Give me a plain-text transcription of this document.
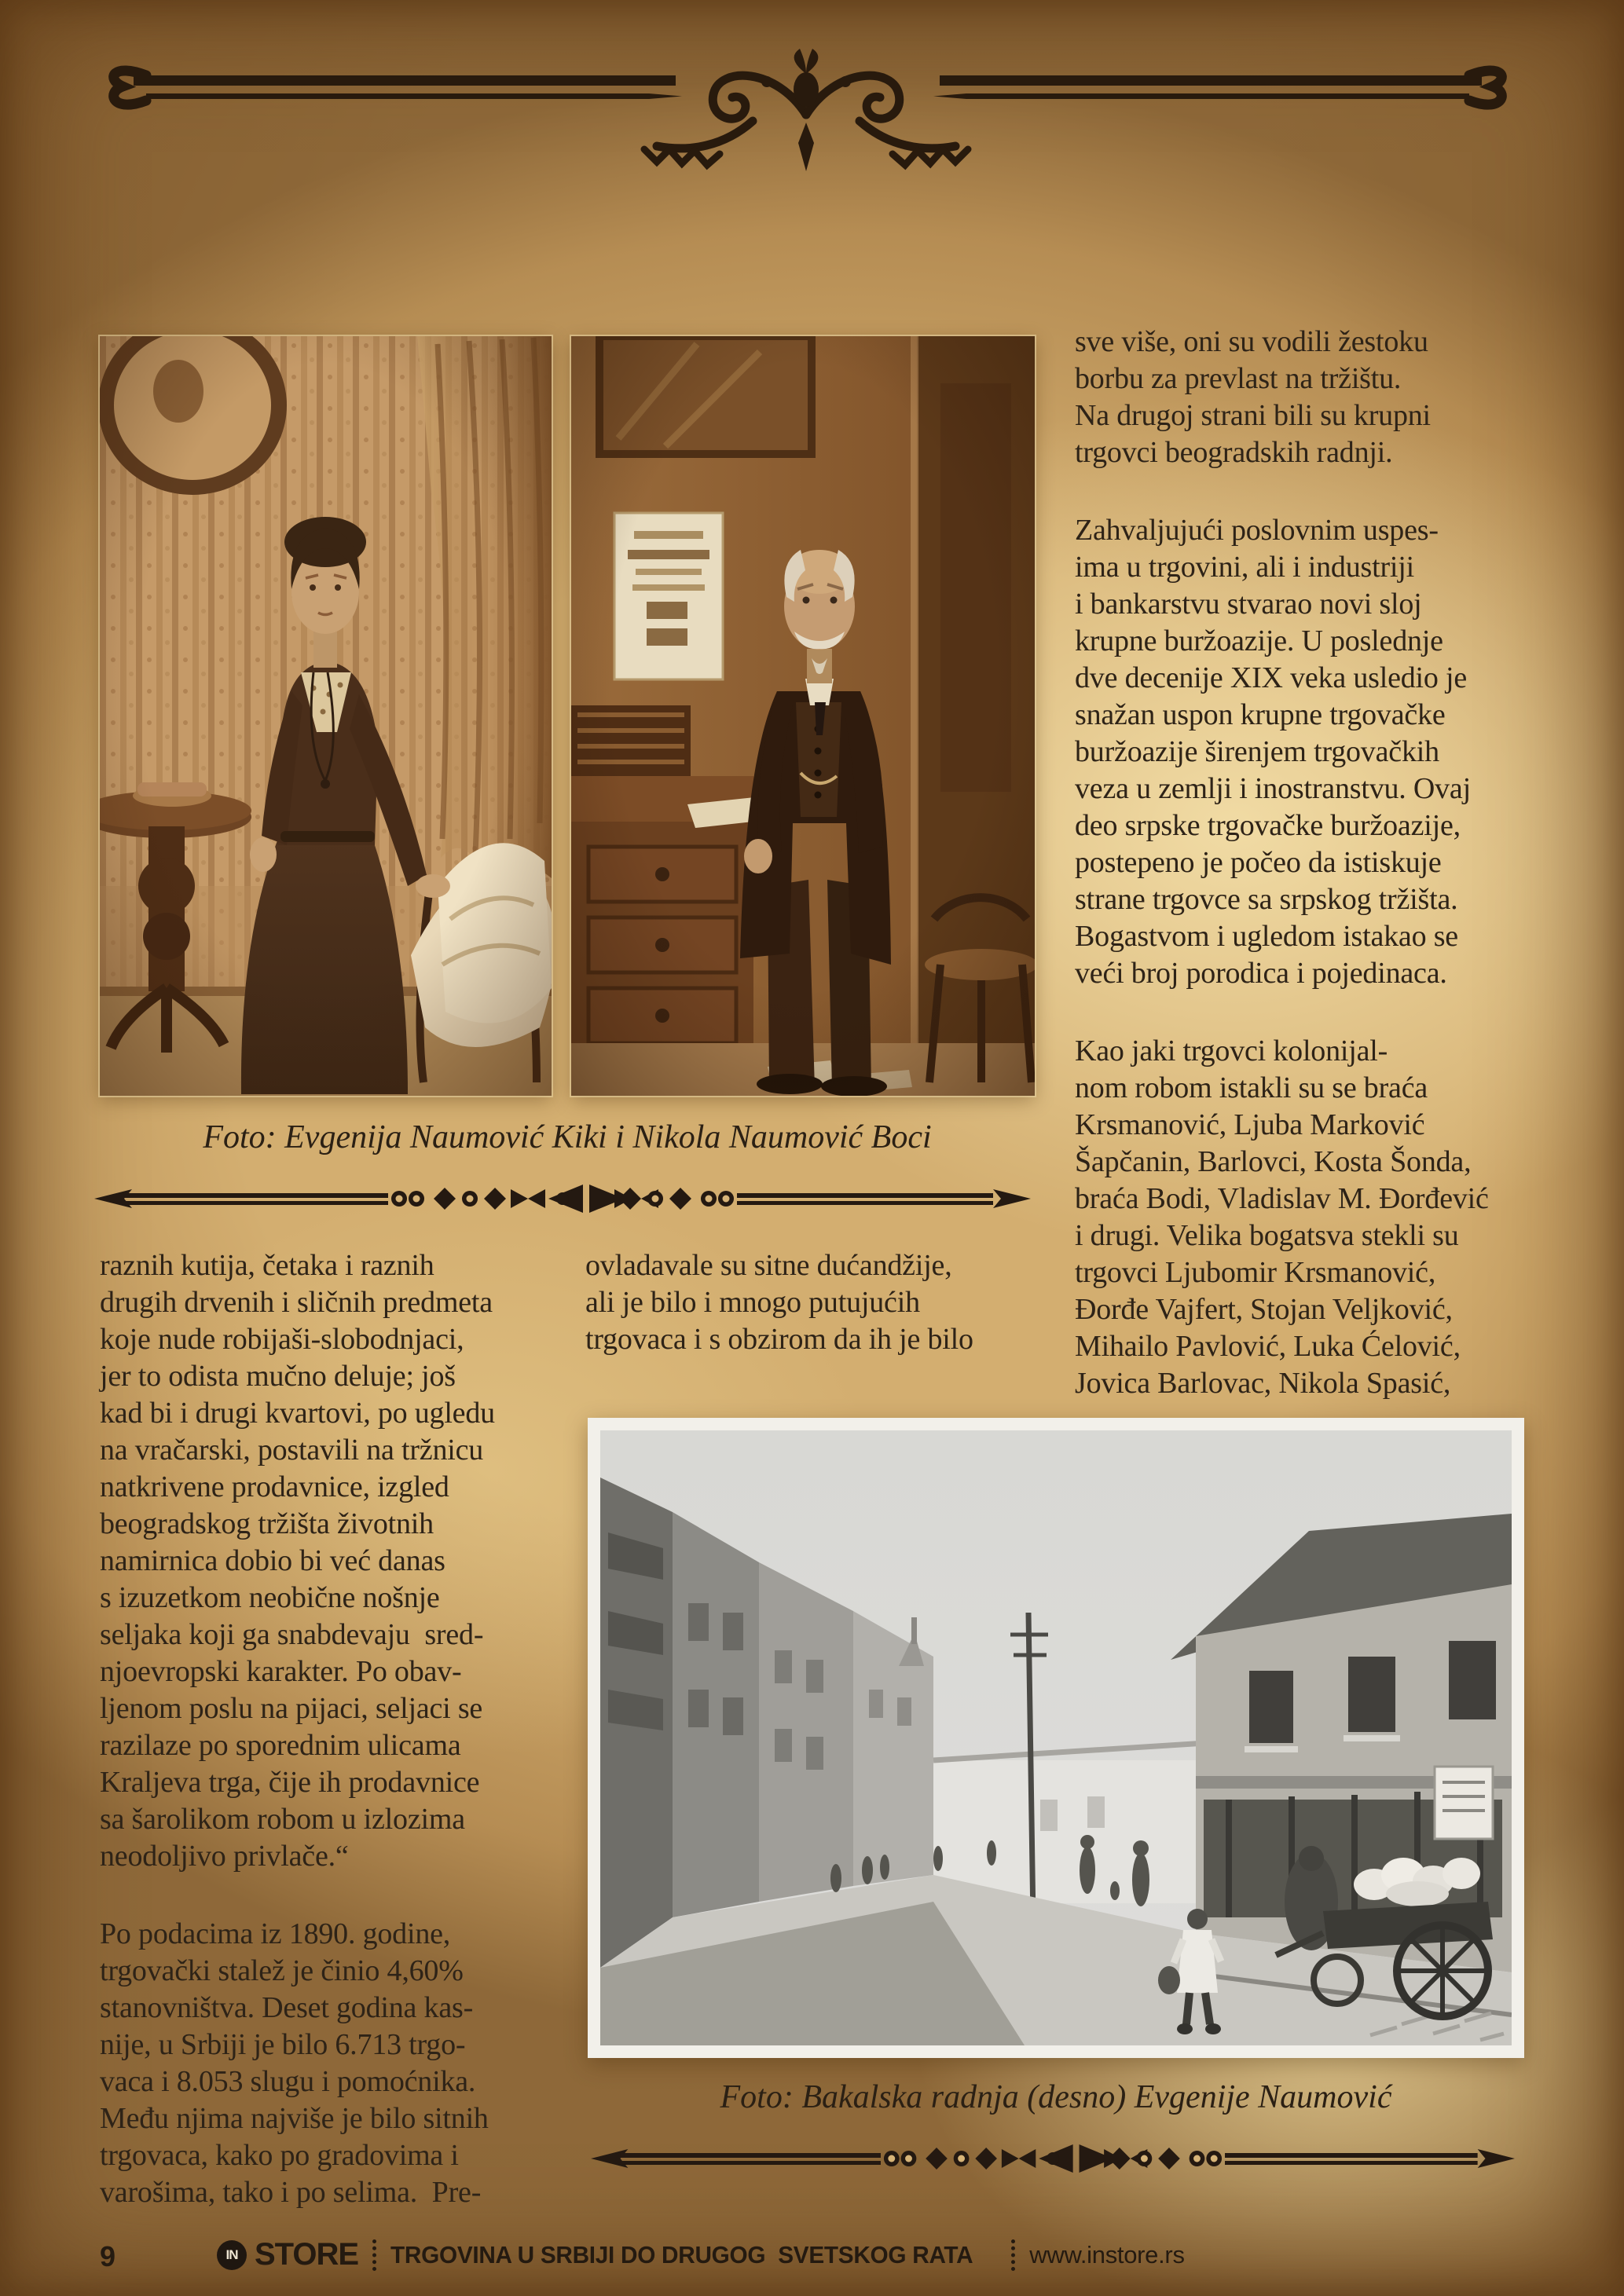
Foto: Evgenija Naumović Kiki i Nikola Naumović Boci
raznih kutija, četaka i raznih
drugih drvenih i sličnih predmeta
koje nude robijaši-slobodnjaci,
jer to odista mučno deluje; još
kad bi i drugi kvartovi, po ugledu
na vračarski, postavili na tržnicu
natkrivene prodavnice, izgled
beogradskog tržišta životnih
namirnica dobio bi već danas
s izuzetkom neobične nošnje
seljaka koji ga snabdevaju  sred-
njoevropski karakter. Po obav-
ljenom poslu na pijaci, seljaci se
razilaze po sporednim ulicama
Kraljeva trga, čije ih prodavnice
sa šarolikom robom u izlozima
neodoljivo privlače.“
Po podacima iz 1890. godine,
trgovački stalež je činio 4,60%
stanovništva. Deset godina kas-
nije, u Srbiji je bilo 6.713 trgo-
vaca i 8.053 slugu i pomoćnika.
Među njima najviše je bilo sitnih
trgovaca, kako po gradovima i
varošima, tako i po selima.  Pre-
ovladavale su sitne dućandžije,
ali je bilo i mnogo putujućih
trgovaca i s obzirom da ih je bilo
sve više, oni su vodili žestoku
borbu za prevlast na tržištu.
Na drugoj strani bili su krupni
trgovci beogradskih radnji.
Zahvaljujući poslovnim uspes-
ima u trgovini, ali i industriji
i bankarstvu stvarao novi sloj
krupne buržoazije. U poslednje
dve decenije XIX veka usledio je
snažan uspon krupne trgovačke
buržoazije širenjem trgovačkih
veza u zemlji i inostranstvu. Ovaj
deo srpske trgovačke buržoazije,
postepeno je počeo da istiskuje
strane trgovce sa srpskog tržišta.
Bogastvom i ugledom istakao se
veći broj porodica i pojedinaca.
Kao jaki trgovci kolonijal-
nom robom istakli su se braća
Krsmanović, Ljuba Marković
Šapčanin, Barlovci, Kosta Šonda,
braća Bodi, Vladislav M. Đorđević
i drugi. Velika bogatsva stekli su
trgovci Ljubomir Krsmanović,
Đorđe Vajfert, Stojan Veljković,
Mihailo Pavlović, Luka Ćelović,
Jovica Barlovac, Nikola Spasić,
Foto: Bakalska radnja (desno) Evgenije Naumović
9	IN STORE TRGOVINA U SRBIJI DO DRUGOG  SVETSKOG RATA www.instore.rs
